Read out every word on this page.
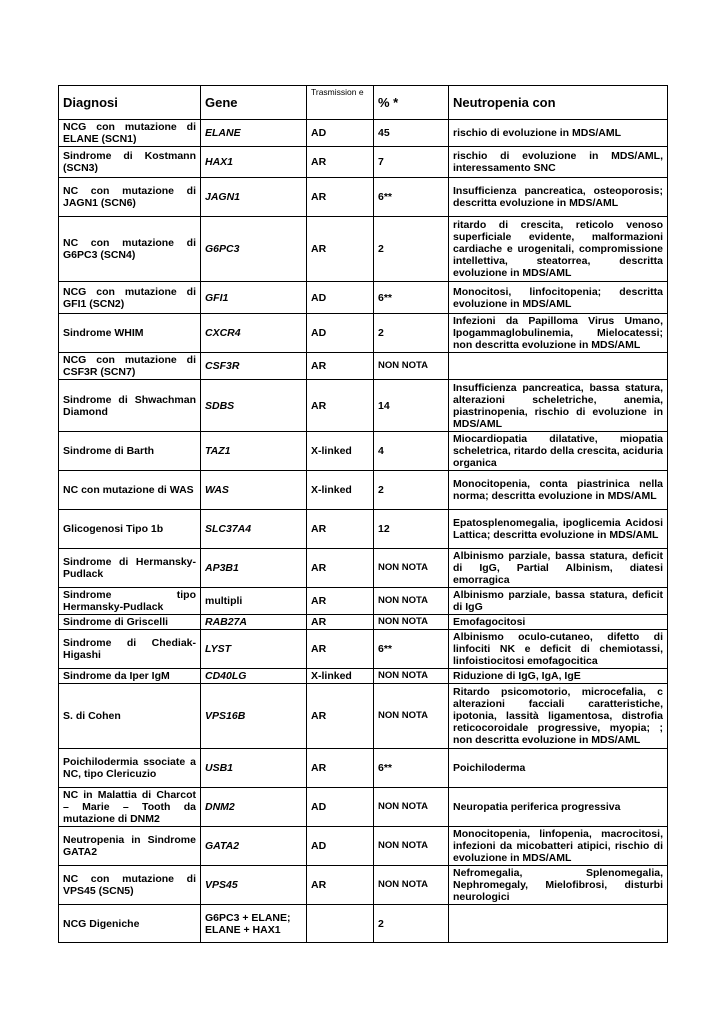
Diagnosi	Gene	Trasmission e	% *	Neutropenia con
NCG con mutazione di ELANE (SCN1)	ELANE	AD	45	rischio di evoluzione in MDS/AML
Sindrome di Kostmann (SCN3)	HAX1	AR	7	rischio di evoluzione in MDS/AML, interessamento SNC
NC con mutazione di JAGN1 (SCN6)	JAGN1	AR	6**	Insufficienza pancreatica, osteoporosis; descritta evoluzione in MDS/AML
NC con mutazione di G6PC3 (SCN4)	G6PC3	AR	2	ritardo di crescita, reticolo venoso superficiale evidente, malformazioni cardiache e urogenitali, compromissione intellettiva, steatorrea, descritta evoluzione in MDS/AML
NCG con mutazione di GFI1 (SCN2)	GFI1	AD	6**	Monocitosi, linfocitopenia; descritta evoluzione in MDS/AML
Sindrome WHIM	CXCR4	AD	2	Infezioni da Papilloma Virus Umano, Ipogammaglobulinemia, Mielocatessi; non descritta evoluzione in MDS/AML
NCG con mutazione di CSF3R (SCN7)	CSF3R	AR	NON NOTA	
Sindrome di Shwachman Diamond	SDBS	AR	14	Insufficienza pancreatica, bassa statura, alterazioni scheletriche, anemia, piastrinopenia, rischio di evoluzione in MDS/AML
Sindrome di Barth	TAZ1	X-linked	4	Miocardiopatia dilatative, miopatia scheletrica, ritardo della crescita, aciduria organica
NC con mutazione di WAS	WAS	X-linked	2	Monocitopenia, conta piastrinica nella norma; descritta evoluzione in MDS/AML
Glicogenosi Tipo 1b	SLC37A4	AR	12	Epatosplenomegalia, ipoglicemia Acidosi Lattica; descritta evoluzione in MDS/AML
Sindrome di Hermansky-Pudlack	AP3B1	AR	NON NOTA	Albinismo parziale, bassa statura, deficit di IgG, Partial Albinism, diatesi emorragica
Sindrome tipo Hermansky-Pudlack	multipli	AR	NON NOTA	Albinismo parziale, bassa statura, deficit di IgG
Sindrome di Griscelli	RAB27A	AR	NON NOTA	Emofagocitosi
Sindrome di Chediak-Higashi	LYST	AR	6**	Albinismo oculo-cutaneo, difetto di linfociti NK e deficit di chemiotassi, linfoistiocitosi emofagocitica
Sindrome da Iper IgM	CD40LG	X-linked	NON NOTA	Riduzione di IgG, IgA, IgE
S. di Cohen	VPS16B	AR	NON NOTA	Ritardo psicomotorio, microcefalia, c alterazioni facciali caratteristiche, ipotonia, lassità ligamentosa, distrofia reticocoroidale progressive, myopia; ; non descritta evoluzione in MDS/AML
Poichilodermia ssociate a NC, tipo Clericuzio	USB1	AR	6**	Poichiloderma
NC in Malattia di Charcot – Marie – Tooth da mutazione di DNM2	DNM2	AD	NON NOTA	Neuropatia periferica progressiva
Neutropenia in Sindrome GATA2	GATA2	AD	NON NOTA	Monocitopenia, linfopenia, macrocitosi, infezioni da micobatteri atipici, rischio di evoluzione in MDS/AML
NC con mutazione di VPS45 (SCN5)	VPS45	AR	NON NOTA	Nefromegalia, Splenomegalia, Nephromegaly, Mielofibrosi, disturbi neurologici
NCG Digeniche	G6PC3 + ELANE; ELANE + HAX1		2	
